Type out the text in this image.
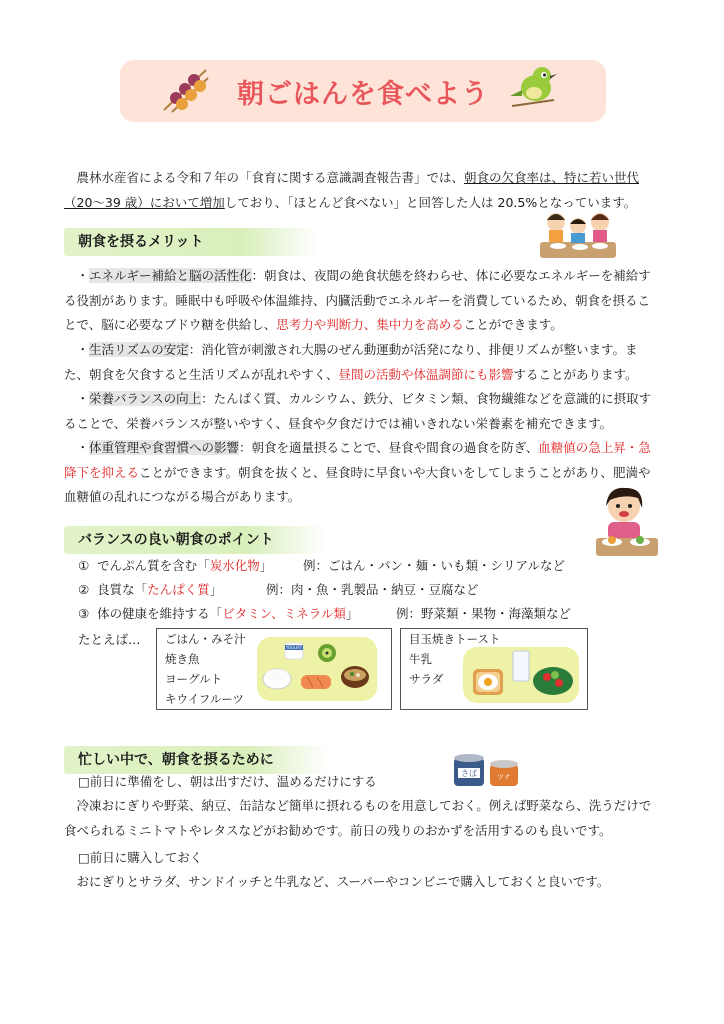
朝ごはんを食べよう
農林水産省による令和７年の「食育に関する意識調査報告書」では、朝食の欠食率は、特に若い世代（20～39 歳）において増加しており、「ほとんど食べない」と回答した人は 20.5%となっています。
朝食を摂るメリット
・エネルギー補給と脳の活性化：朝食は、夜間の絶食状態を終わらせ、体に必要なエネルギーを補給する役割があります。睡眠中も呼吸や体温維持、内臓活動でエネルギーを消費しているため、朝食を摂ることで、脳に必要なブドウ糖を供給し、思考力や判断力、集中力を高めることができます。
・生活リズムの安定：消化管が刺激され大腸のぜん動運動が活発になり、排便リズムが整います。また、朝食を欠食すると生活リズムが乱れやすく、昼間の活動や体温調節にも影響することがあります。
・栄養バランスの向上：たんぱく質、カルシウム、鉄分、ビタミン類、食物繊維などを意識的に摂取することで、栄養バランスが整いやすく、昼食や夕食だけでは補いきれない栄養素を補充できます。
・体重管理や食習慣への影響：朝食を適量摂ることで、昼食や間食の過食を防ぎ、血糖値の急上昇・急降下を抑えることができます。朝食を抜くと、昼食時に早食いや大食いをしてしまうことがあり、肥満や血糖値の乱れにつながる場合があります。
バランスの良い朝食のポイント
① でんぷん質を含む「炭水化物」 例：ごはん・パン・麺・いも類・シリアルなど
② 良質な「たんぱく質」	例：肉・魚・乳製品・納豆・豆腐など
③ 体の健康を維持する「ビタミン、ミネラル類」	例：野菜類・果物・海藻類など
たとえば… ごはん・みそ汁
焼き魚
ヨーグルト
キウイフルーツ
YOGURT
目玉焼きトースト
牛乳
サラダ
忙しい中で、朝食を摂るために
さば	ツナ
□前日に準備をし、朝は出すだけ、温めるだけにする
冷凍おにぎりや野菜、納豆、缶詰など簡単に摂れるものを用意しておく。例えば野菜なら、洗うだけで食べられるミニトマトやレタスなどがお勧めです。前日の残りのおかずを活用するのも良いです。
□前日に購入しておく
おにぎりとサラダ、サンドイッチと牛乳など、スーパーやコンビニで購入しておくと良いです。
